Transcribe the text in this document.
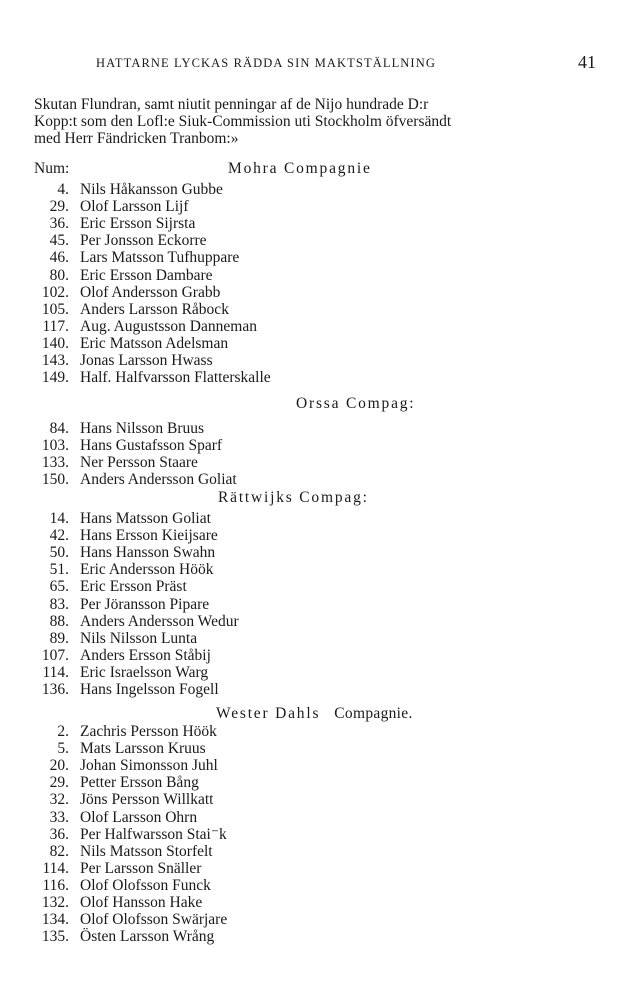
HATTARNE LYCKAS RÄDDA SIN MAKTSTÄLLNING	41

Skutan Flundran, samt niutit penningar af de Nijo hundrade D:r
Kopp:t som den Lofl:e Siuk-Commission uti Stockholm öfversändt
med Herr Fändricken Tranbom:»

Num:	Mohra Compagnie
4. Nils Håkansson Gubbe
29. Olof Larsson Lijf
36. Eric Ersson Sijrsta
45. Per Jonsson Eckorre
46. Lars Matsson Tufhuppare
80. Eric Ersson Dambare
102. Olof Andersson Grabb
105. Anders Larsson Råbock
117. Aug. Augustsson Danneman
140. Eric Matsson Adelsman
143. Jonas Larsson Hwass
149. Half. Halfvarsson Flatterskalle
Orssa Compag:
84. Hans Nilsson Bruus
103. Hans Gustafsson Sparf
133. Ner Persson Staare
150. Anders Andersson Goliat
Rättwijks Compag:
14. Hans Matsson Goliat
42. Hans Ersson Kieijsare
50. Hans Hansson Swahn
51. Eric Andersson Höök
65. Eric Ersson Präst
83. Per Jöransson Pipare
88. Anders Andersson Wedur
89. Nils Nilsson Lunta
107. Anders Ersson Ståbij
114. Eric Israelsson Warg
136. Hans Ingelsson Fogell
Wester Dahls Compagnie.
2. Zachris Persson Höök
5. Mats Larsson Kruus
20. Johan Simonsson Juhl
29. Petter Ersson Bång
32. Jöns Persson Willkatt
33. Olof Larsson Ohrn
36. Per Halfwarsson Stai⁻k
82. Nils Matsson Storfelt
114. Per Larsson Snäller
116. Olof Olofsson Funck
132. Olof Hansson Hake
134. Olof Olofsson Swärjare
135. Östen Larsson Wrång
